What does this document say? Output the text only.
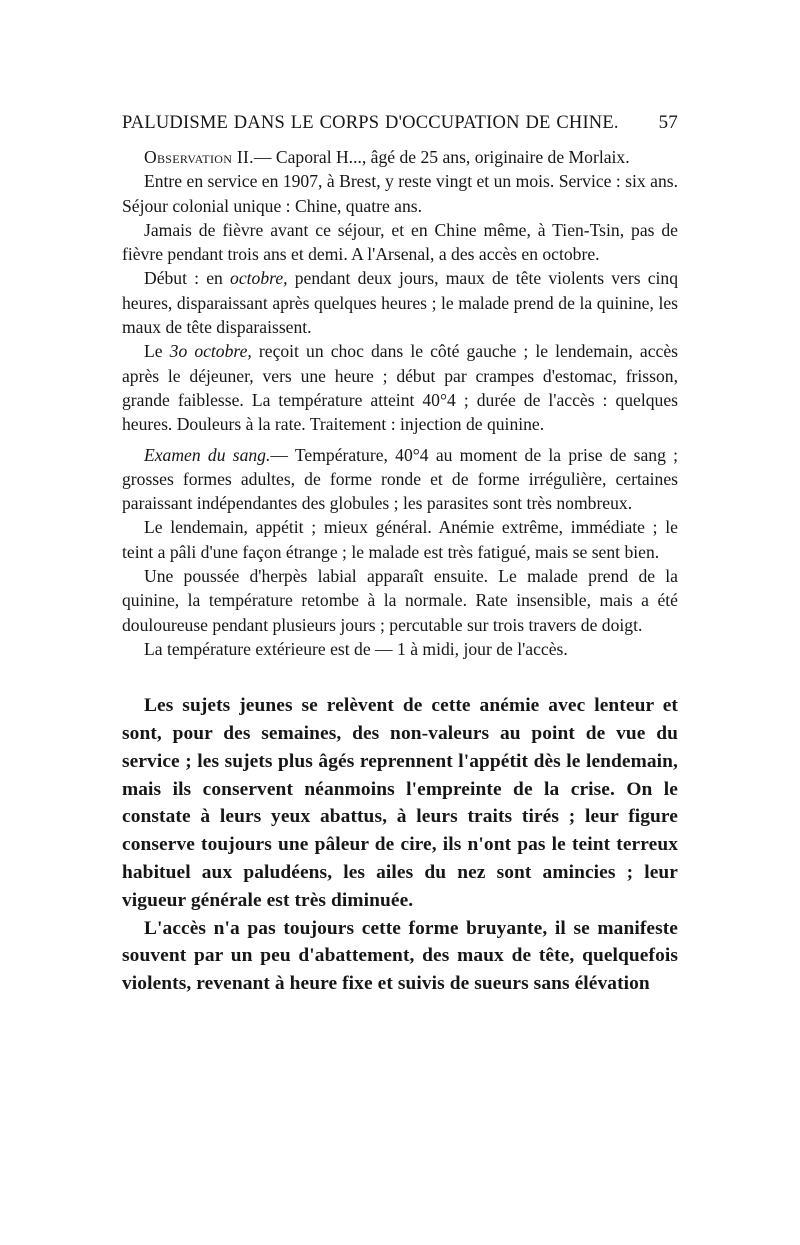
PALUDISME DANS LE CORPS D'OCCUPATION DE CHINE. 57

Observation II.— Caporal H..., âgé de 25 ans, originaire de Morlaix.

Entre en service en 1907, à Brest, y reste vingt et un mois. Service : six ans. Séjour colonial unique : Chine, quatre ans.

Jamais de fièvre avant ce séjour, et en Chine même, à Tien-Tsin, pas de fièvre pendant trois ans et demi. A l'Arsenal, a des accès en octobre.

Début : en octobre, pendant deux jours, maux de tête violents vers cinq heures, disparaissant après quelques heures ; le malade prend de la quinine, les maux de tête disparaissent.

Le 3o octobre, reçoit un choc dans le côté gauche ; le lendemain, accès après le déjeuner, vers une heure ; début par crampes d'estomac, frisson, grande faiblesse. La température atteint 40°4 ; durée de l'accès : quelques heures. Douleurs à la rate. Traitement : injection de quinine.

Examen du sang.— Température, 40°4 au moment de la prise de sang ; grosses formes adultes, de forme ronde et de forme irrégulière, certaines paraissant indépendantes des globules ; les parasites sont très nombreux.

Le lendemain, appétit ; mieux général. Anémie extrême, immédiate ; le teint a pâli d'une façon étrange ; le malade est très fatigué, mais se sent bien.

Une poussée d'herpès labial apparaît ensuite. Le malade prend de la quinine, la température retombe à la normale. Rate insensible, mais a été douloureuse pendant plusieurs jours ; percutable sur trois travers de doigt.

La température extérieure est de — 1 à midi, jour de l'accès.

Les sujets jeunes se relèvent de cette anémie avec lenteur et sont, pour des semaines, des non-valeurs au point de vue du service ; les sujets plus âgés reprennent l'appétit dès le lendemain, mais ils conservent néanmoins l'empreinte de la crise. On le constate à leurs yeux abattus, à leurs traits tirés ; leur figure conserve toujours une pâleur de cire, ils n'ont pas le teint terreux habituel aux paludéens, les ailes du nez sont amincies ; leur vigueur générale est très diminuée.

L'accès n'a pas toujours cette forme bruyante, il se manifeste souvent par un peu d'abattement, des maux de tête, quelquefois violents, revenant à heure fixe et suivis de sueurs sans élévation
